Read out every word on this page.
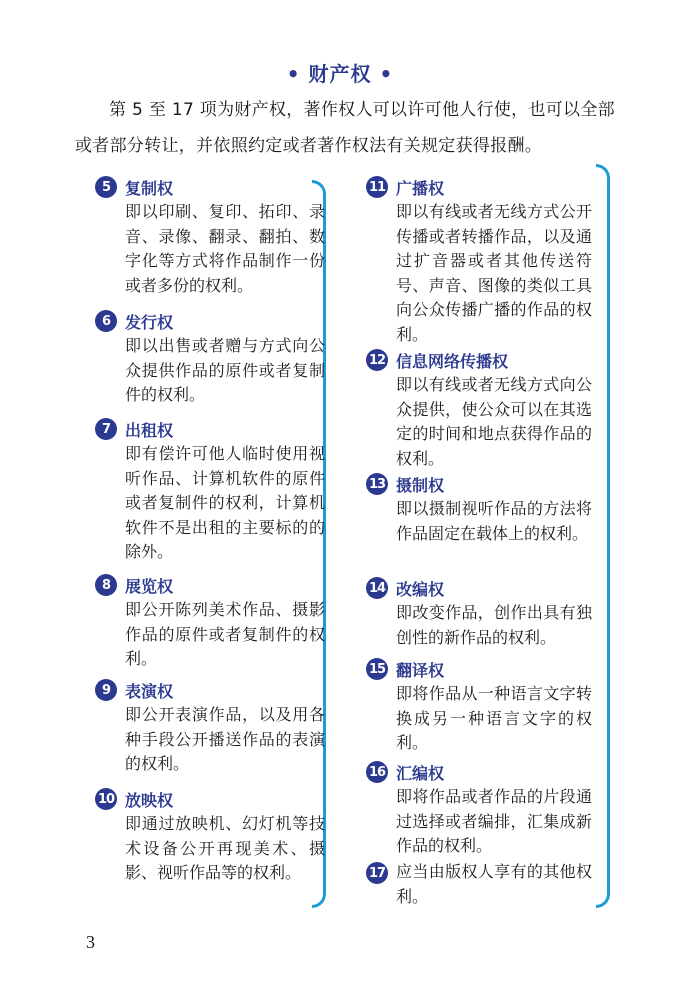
• 财产权 •
第 5 至 17 项为财产权，著作权人可以许可他人行使，也可以全部或者部分转让，并依照约定或者著作权法有关规定获得报酬。
5 复制权
即以印刷、复印、拓印、录音、录像、翻录、翻拍、数字化等方式将作品制作一份或者多份的权利。
6 发行权
即以出售或者赠与方式向公众提供作品的原件或者复制件的权利。
7 出租权
即有偿许可他人临时使用视听作品、计算机软件的原件或者复制件的权利，计算机软件不是出租的主要标的的除外。
8 展览权
即公开陈列美术作品、摄影作品的原件或者复制件的权利。
9 表演权
即公开表演作品，以及用各种手段公开播送作品的表演的权利。
10 放映权
即通过放映机、幻灯机等技术设备公开再现美术、摄影、视听作品等的权利。
11 广播权
即以有线或者无线方式公开传播或者转播作品，以及通过扩音器或者其他传送符号、声音、图像的类似工具向公众传播广播的作品的权利。
12 信息网络传播权
即以有线或者无线方式向公众提供，使公众可以在其选定的时间和地点获得作品的权利。
13 摄制权
即以摄制视听作品的方法将作品固定在载体上的权利。
14 改编权
即改变作品，创作出具有独创性的新作品的权利。
15 翻译权
即将作品从一种语言文字转换成另一种语言文字的权利。
16 汇编权
即将作品或者作品的片段通过选择或者编排，汇集成新作品的权利。
17 应当由版权人享有的其他权利。
3
